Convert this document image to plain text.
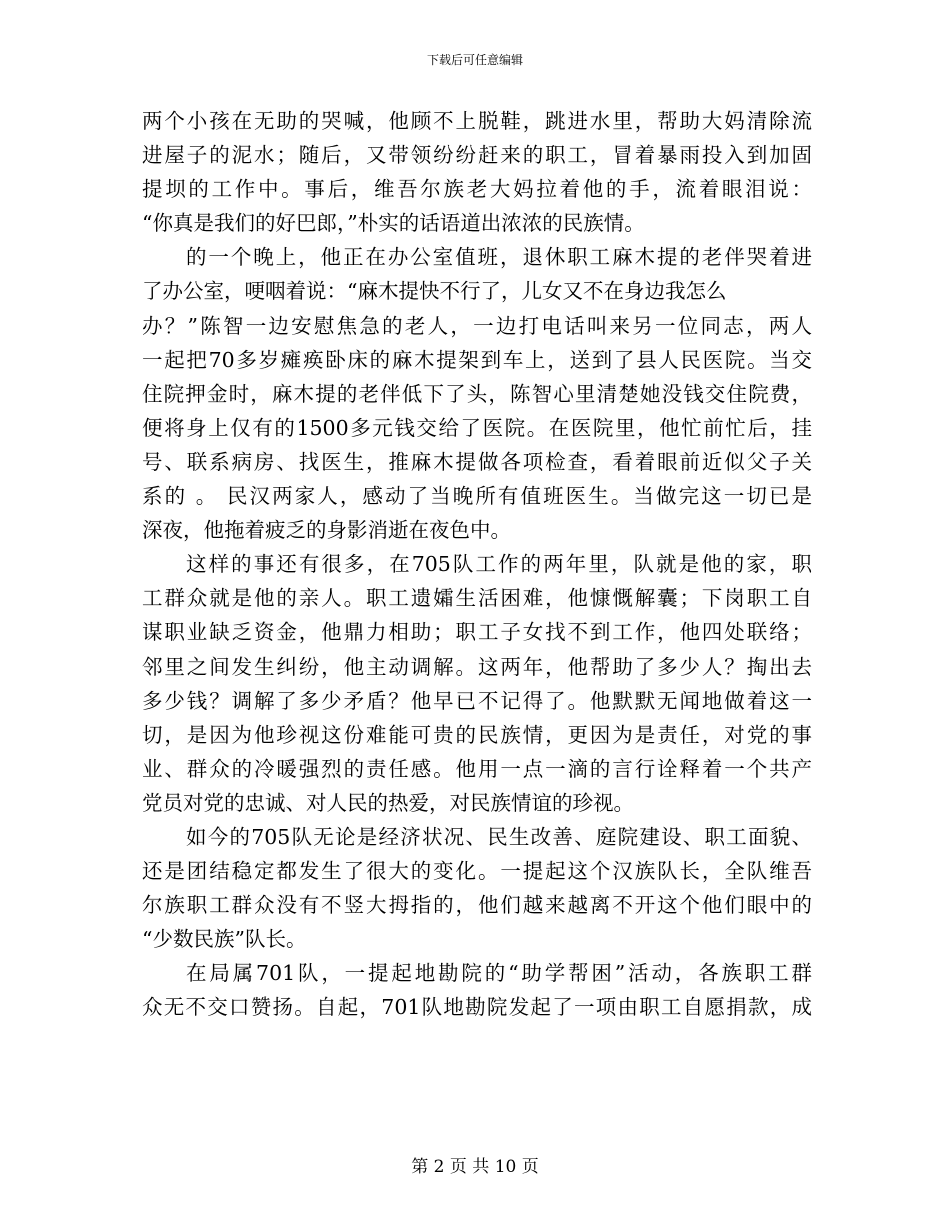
下载后可任意编辑
两个小孩在无助的哭喊，他顾不上脱鞋，跳进水里，帮助大妈清除流
进屋子的泥水；随后，又带领纷纷赶来的职工，冒着暴雨投入到加固
提坝的工作中。事后，维吾尔族老大妈拉着他的手，流着眼泪说：
“你真是我们的好巴郎，”朴实的话语道出浓浓的民族情。
的一个晚上，他正在办公室值班，退休职工麻木提的老伴哭着进
了办公室，哽咽着说：“麻木提快不行了，儿女又不在身边我怎么
办？”陈智一边安慰焦急的老人，一边打电话叫来另一位同志，两人
一起把70多岁瘫痪卧床的麻木提架到车上，送到了县人民医院。当交
住院押金时，麻木提的老伴低下了头，陈智心里清楚她没钱交住院费，
便将身上仅有的1500多元钱交给了医院。在医院里，他忙前忙后，挂
号、联系病房、找医生，推麻木提做各项检查，看着眼前近似父子关
系的 。 民汉两家人，感动了当晚所有值班医生。当做完这一切已是
深夜，他拖着疲乏的身影消逝在夜色中。
这样的事还有很多，在705队工作的两年里，队就是他的家，职
工群众就是他的亲人。职工遗孀生活困难，他慷慨解囊；下岗职工自
谋职业缺乏资金，他鼎力相助；职工子女找不到工作，他四处联络；
邻里之间发生纠纷，他主动调解。这两年，他帮助了多少人？掏出去
多少钱？调解了多少矛盾？他早已不记得了。他默默无闻地做着这一
切，是因为他珍视这份难能可贵的民族情，更因为是责任，对党的事
业、群众的冷暖强烈的责任感。他用一点一滴的言行诠释着一个共产
党员对党的忠诚、对人民的热爱，对民族情谊的珍视。
如今的705队无论是经济状况、民生改善、庭院建设、职工面貌、
还是团结稳定都发生了很大的变化。一提起这个汉族队长，全队维吾
尔族职工群众没有不竖大拇指的，他们越来越离不开这个他们眼中的
“少数民族”队长。
在局属701队，一提起地勘院的“助学帮困”活动，各族职工群
众无不交口赞扬。自起，701队地勘院发起了一项由职工自愿捐款，成
第 2 页 共 10 页
